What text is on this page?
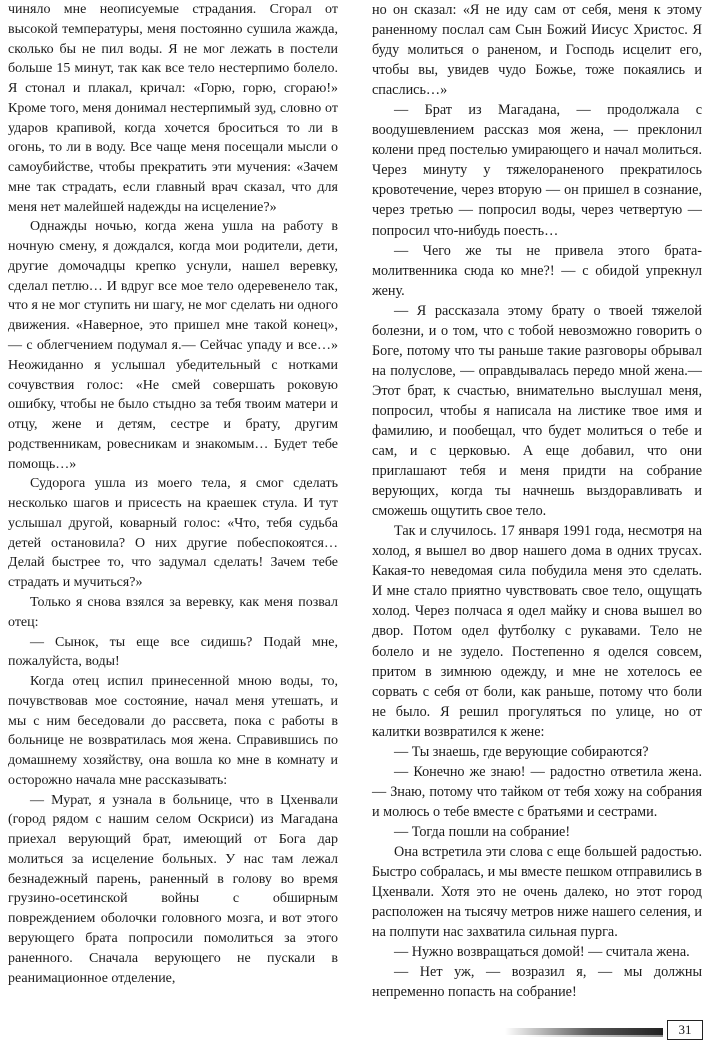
чиняло мне неописуемые страдания. Сгорал от высокой температуры, меня постоянно сушила жажда, сколько бы не пил воды. Я не мог лежать в постели больше 15 минут, так как все тело нестерпимо болело. Я стонал и плакал, кричал: «Горю, горю, сгораю!» Кроме того, меня донимал нестерпимый зуд, словно от ударов крапивой, когда хочется броситься то ли в огонь, то ли в воду. Все чаще меня посещали мысли о самоубийстве, чтобы прекратить эти мучения: «Зачем мне так страдать, если главный врач сказал, что для меня нет малейшей надежды на исцеление?»

Однажды ночью, когда жена ушла на работу в ночную смену, я дождался, когда мои родители, дети, другие домочадцы крепко уснули, нашел веревку, сделал петлю… И вдруг все мое тело одеревенело так, что я не мог ступить ни шагу, не мог сделать ни одного движения. «Наверное, это пришел мне такой конец», — с облегчением подумал я.— Сейчас упаду и все…» Неожиданно я услышал убедительный с нотками сочувствия голос: «Не смей совершать роковую ошибку, чтобы не было стыдно за тебя твоим матери и отцу, жене и детям, сестре и брату, другим родственникам, ровесникам и знакомым… Будет тебе помощь…»

Судорога ушла из моего тела, я смог сделать несколько шагов и присесть на краешек стула. И тут услышал другой, коварный голос: «Что, тебя судьба детей остановила? О них другие побеспокоятся… Делай быстрее то, что задумал сделать! Зачем тебе страдать и мучиться?»

Только я снова взялся за веревку, как меня позвал отец:

— Сынок, ты еще все сидишь? Подай мне, пожалуйста, воды!

Когда отец испил принесенной мною воды, то, почувствовав мое состояние, начал меня утешать, и мы с ним беседовали до рассвета, пока с работы в больнице не возвратилась моя жена. Справившись по домашнему хозяйству, она вошла ко мне в комнату и осторожно начала мне рассказывать:

— Мурат, я узнала в больнице, что в Цхенвали (город рядом с нашим селом Оскриси) из Магадана приехал верующий брат, имеющий от Бога дар молиться за исцеление больных. У нас там лежал безнадежный парень, раненный в голову во время грузино-осетинской войны с обширным повреждением оболочки головного мозга, и вот этого верующего брата попросили помолиться за этого раненного. Сначала верующего не пускали в реанимационное отделение,

но он сказал: «Я не иду сам от себя, меня к этому раненному послал сам Сын Божий Иисус Христос. Я буду молиться о раненом, и Господь исцелит его, чтобы вы, увидев чудо Божье, тоже покаялись и спаслись…»

— Брат из Магадана, — продолжала с воодушевлением рассказ моя жена, — преклонил колени пред постелью умирающего и начал молиться. Через минуту у тяжелораненого прекратилось кровотечение, через вторую — он пришел в сознание, через третью — попросил воды, через четвертую — попросил что-нибудь поесть…

— Чего же ты не привела этого брата-молитвенника сюда ко мне?! — с обидой упрекнул жену.

— Я рассказала этому брату о твоей тяжелой болезни, и о том, что с тобой невозможно говорить о Боге, потому что ты раньше такие разговоры обрывал на полуслове, — оправдывалась передо мной жена.— Этот брат, к счастью, внимательно выслушал меня, попросил, чтобы я написала на листике твое имя и фамилию, и пообещал, что будет молиться о тебе и сам, и с церковью. А еще добавил, что они приглашают тебя и меня придти на собрание верующих, когда ты начнешь выздоравливать и сможешь ощутить свое тело.

Так и случилось. 17 января 1991 года, несмотря на холод, я вышел во двор нашего дома в одних трусах. Какая-то неведомая сила побудила меня это сделать. И мне стало приятно чувствовать свое тело, ощущать холод. Через полчаса я одел майку и снова вышел во двор. Потом одел футболку с рукавами. Тело не болело и не зудело. Постепенно я оделся совсем, притом в зимнюю одежду, и мне не хотелось ее сорвать с себя от боли, как раньше, потому что боли не было. Я решил прогуляться по улице, но от калитки возвратился к жене:

— Ты знаешь, где верующие собираются?

— Конечно же знаю! — радостно ответила жена.— Знаю, потому что тайком от тебя хожу на собрания и молюсь о тебе вместе с братьями и сестрами.

— Тогда пошли на собрание!

Она встретила эти слова с еще большей радостью. Быстро собралась, и мы вместе пешком отправились в Цхенвали. Хотя это не очень далеко, но этот город расположен на тысячу метров ниже нашего селения, и на полпути нас захватила сильная пурга.

— Нужно возвращаться домой! — считала жена.

— Нет уж, — возразил я, — мы должны непременно попасть на собрание!

31
